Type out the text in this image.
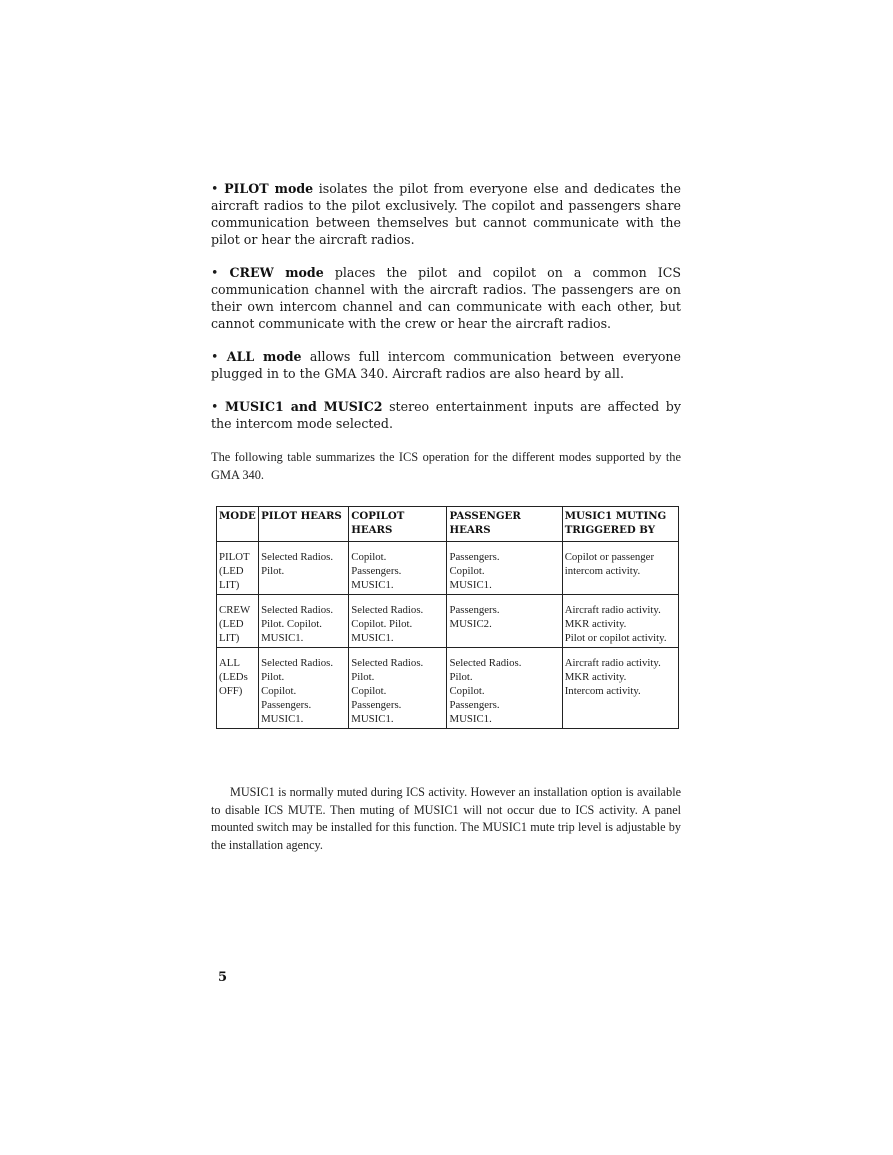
• PILOT mode isolates the pilot from everyone else and dedicates the aircraft radios to the pilot exclusively. The copilot and passengers share communication between themselves but cannot communicate with the pilot or hear the aircraft radios.

• CREW mode places the pilot and copilot on a common ICS communication channel with the aircraft radios. The passengers are on their own intercom channel and can communicate with each other, but cannot communicate with the crew or hear the aircraft radios.

• ALL mode allows full intercom communication between everyone plugged in to the GMA 340. Aircraft radios are also heard by all.

• MUSIC1 and MUSIC2 stereo entertainment inputs are affected by the intercom mode selected.

The following table summarizes the ICS operation for the different modes supported by the GMA 340.

MODE	PILOT HEARS	COPILOT HEARS	PASSENGER HEARS	MUSIC1 MUTING TRIGGERED BY

PILOT
(LED
LIT)	Selected Radios.
Pilot.	Copilot.
Passengers.
MUSIC1.	Passengers.
Copilot.
MUSIC1.	Copilot or passenger
intercom activity.

CREW
(LED
LIT)	Selected Radios.
Pilot. Copilot.
MUSIC1.	Selected Radios.
Copilot. Pilot.
MUSIC1.	Passengers.
MUSIC2.	Aircraft radio activity.
MKR activity.
Pilot or copilot activity.

ALL
(LEDs
OFF)	Selected Radios.
Pilot.
Copilot.
Passengers.
MUSIC1.	Selected Radios.
Pilot.
Copilot.
Passengers.
MUSIC1.	Selected Radios.
Pilot.
Copilot.
Passengers.
MUSIC1.	Aircraft radio activity.
MKR activity.
Intercom activity.

MUSIC1 is normally muted during ICS activity. However an installation option is available to disable ICS MUTE. Then muting of MUSIC1 will not occur due to ICS activity. A panel mounted switch may be installed for this function. The MUSIC1 mute trip level is adjustable by the installation agency.

5
